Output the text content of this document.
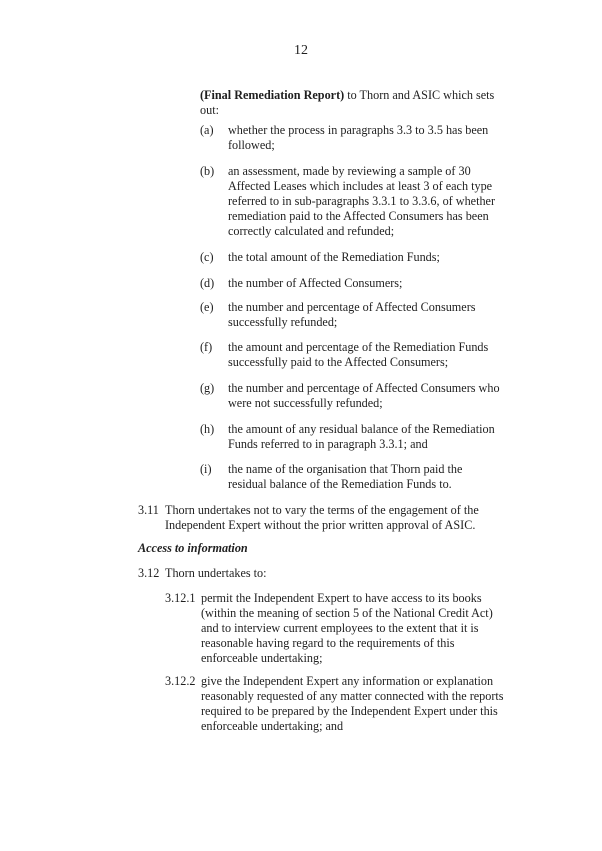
12
(Final Remediation Report) to Thorn and ASIC which sets out:
(a) whether the process in paragraphs 3.3 to 3.5 has been followed;
(b) an assessment, made by reviewing a sample of 30 Affected Leases which includes at least 3 of each type referred to in sub-paragraphs 3.3.1 to 3.3.6, of whether remediation paid to the Affected Consumers has been correctly calculated and refunded;
(c) the total amount of the Remediation Funds;
(d) the number of Affected Consumers;
(e) the number and percentage of Affected Consumers successfully refunded;
(f) the amount and percentage of the Remediation Funds successfully paid to the Affected Consumers;
(g) the number and percentage of Affected Consumers who were not successfully refunded;
(h) the amount of any residual balance of the Remediation Funds referred to in paragraph 3.3.1; and
(i) the name of the organisation that Thorn paid the residual balance of the Remediation Funds to.
3.11 Thorn undertakes not to vary the terms of the engagement of the Independent Expert without the prior written approval of ASIC.
Access to information
3.12 Thorn undertakes to:
3.12.1 permit the Independent Expert to have access to its books (within the meaning of section 5 of the National Credit Act) and to interview current employees to the extent that it is reasonable having regard to the requirements of this enforceable undertaking;
3.12.2 give the Independent Expert any information or explanation reasonably requested of any matter connected with the reports required to be prepared by the Independent Expert under this enforceable undertaking; and
